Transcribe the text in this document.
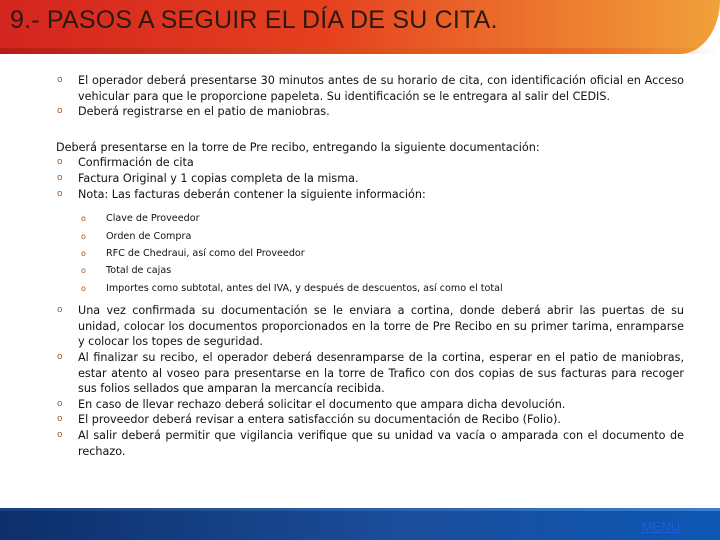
9.- PASOS A SEGUIR EL DÍA DE SU CITA.
o	El operador deberá presentarse 30 minutos antes de su horario de cita, con identificación oficial en Acceso vehicular para que le proporcione papeleta. Su identificación se le entregara al salir del CEDIS.
o	Deberá registrarse en el patio de maniobras.
Deberá presentarse en la torre de Pre recibo, entregando la siguiente documentación:
o	Confirmación de cita
o	Factura Original y 1 copias completa de la misma.
o	Nota: Las facturas deberán contener la siguiente información:
o	Clave de Proveedor
o	Orden de Compra
o	RFC de Chedraui, así como del Proveedor
o	Total de cajas
o	Importes como subtotal, antes del IVA, y después de descuentos, así como el total
o	Una vez confirmada su documentación se le enviara a cortina, donde deberá abrir las puertas de su unidad, colocar los documentos proporcionados en la torre de Pre Recibo en su primer tarima, enramparse y colocar los topes de seguridad.
o	Al finalizar su recibo, el operador deberá desenramparse de la cortina, esperar en el patio de maniobras, estar atento al voseo para presentarse en la torre de Trafico con dos copias de sus facturas para recoger sus folios sellados que amparan la mercancía recibida.
o	En caso de llevar rechazo deberá solicitar el documento que ampara dicha devolución.
o	El proveedor deberá revisar a entera satisfacción su documentación de Recibo (Folio).
o	Al salir deberá permitir que vigilancia verifique que su unidad va vacía o amparada con el documento de rechazo.
MENU
